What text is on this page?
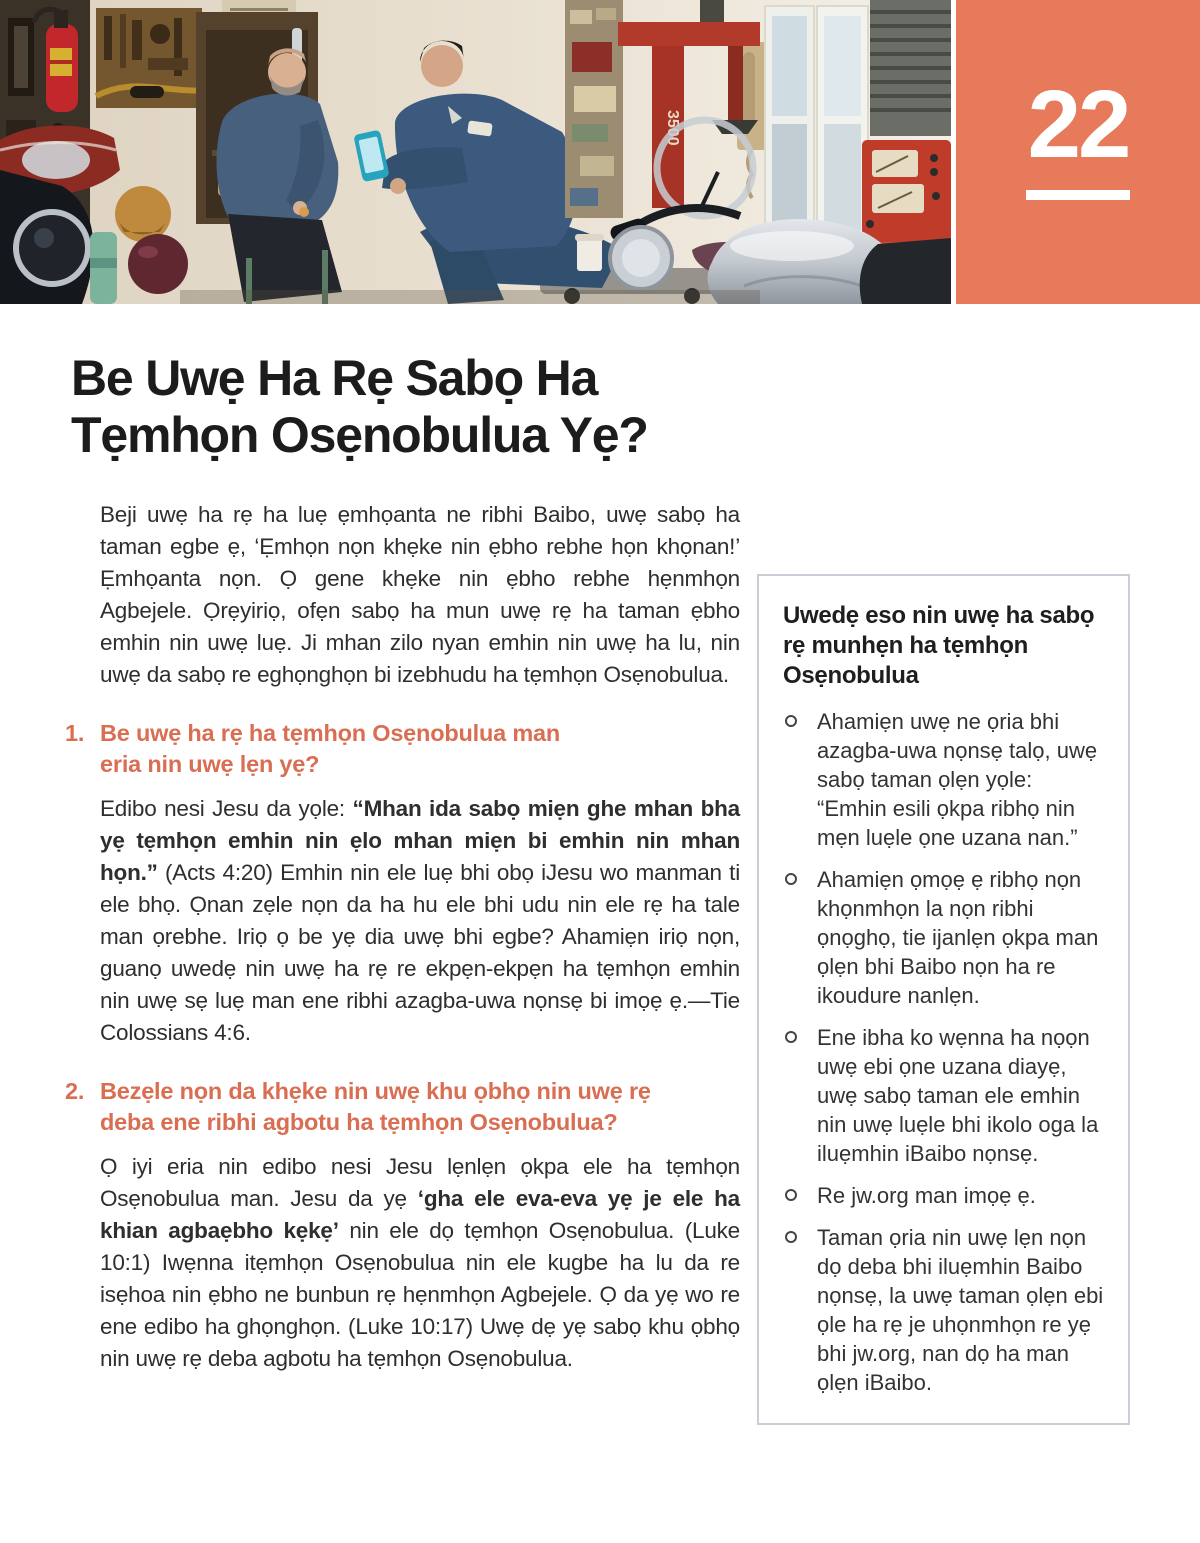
3500	22
Be Uwẹ Ha Rẹ Sabọ Ha
Tẹmhọn Osẹnobulua Yẹ?

Beji uwẹ ha rẹ ha luẹ ẹmhọanta ne ribhi Baibo, uwẹ sabọ ha taman egbe ẹ, ‘Ẹmhọn nọn khẹke nin ẹbho rebhe họn khọnan!’ Ẹmhọanta nọn. Ọ gene khẹke nin ẹbho rebhe hẹnmhọn Agbejele. Ọrẹyiriọ, ofẹn sabọ ha mun uwẹ rẹ ha taman ẹbho emhin nin uwẹ luẹ. Ji mhan zilo nyan emhin nin uwẹ ha lu, nin uwẹ da sabọ re eghọnghọn bi izebhudu ha tẹmhọn Osẹnobulua.

1. Be uwẹ ha rẹ ha tẹmhọn Osẹnobulua man
eria nin uwẹ lẹn yẹ?

Edibo nesi Jesu da yọle: “Mhan ida sabọ miẹn ghe mhan bha yẹ tẹmhọn emhin nin ẹlo mhan miẹn bi emhin nin mhan họn.” (Acts 4:20) Emhin nin ele luẹ bhi obọ iJesu wo manman ti ele bhọ. Ọnan zẹle nọn da ha hu ele bhi udu nin ele rẹ ha tale man ọrebhe. Iriọ ọ be yẹ dia uwẹ bhi egbe? Ahamiẹn iriọ nọn, guanọ uwedẹ nin uwẹ ha rẹ re ekpẹn-ekpẹn ha tẹmhọn emhin nin uwẹ sẹ luẹ man ene ribhi azagba-uwa nọnsẹ bi imọẹ ẹ.—Tie Colossians 4:6.

2. Bezẹle nọn da khẹke nin uwẹ khu ọbhọ nin uwẹ rẹ
deba ene ribhi agbotu ha tẹmhọn Osẹnobulua?

Ọ iyi eria nin edibo nesi Jesu lẹnlẹn ọkpa ele ha tẹmhọn Osẹnobulua man. Jesu da yẹ ‘gha ele eva-eva yẹ je ele ha khian agbaẹbho kẹkẹ’ nin ele dọ tẹmhọn Osẹnobulua. (Luke 10:1) Iwẹnna itẹmhọn Osẹnobulua nin ele kugbe ha lu da re isẹhoa nin ẹbho ne bunbun rẹ hẹnmhọn Agbejele. Ọ da yẹ wo re ene edibo ha ghọnghọn. (Luke 10:17) Uwẹ dẹ yẹ sabọ khu ọbhọ nin uwẹ rẹ deba agbotu ha tẹmhọn Osẹnobulua.

Uwedẹ eso nin uwẹ ha sabọ rẹ munhẹn ha tẹmhọn Osẹnobulua
Ahamiẹn uwẹ ne ọria bhi azagba-uwa nọnsẹ talọ, uwẹ sabọ taman ọlẹn yọle: “Emhin esili ọkpa ribhọ nin mẹn luẹle ọne uzana nan.”
Ahamiẹn ọmọẹ ẹ ribhọ nọn khọnmhọn la nọn ribhi ọnọghọ, tie ijanlẹn ọkpa man ọlẹn bhi Baibo nọn ha re ikoudure nanlẹn.
Ene ibha ko wẹnna ha nọọn uwẹ ebi ọne uzana diayẹ, uwẹ sabọ taman ele emhin nin uwẹ luẹle bhi ikolo oga la iluẹmhin iBaibo nọnsẹ.
Re jw.org man imọẹ ẹ.
Taman ọria nin uwẹ lẹn nọn dọ deba bhi iluẹmhin Baibo nọnsẹ, la uwẹ taman ọlẹn ebi ọle ha rẹ je uhọnmhọn re yẹ bhi jw.org, nan dọ ha man ọlẹn iBaibo.
